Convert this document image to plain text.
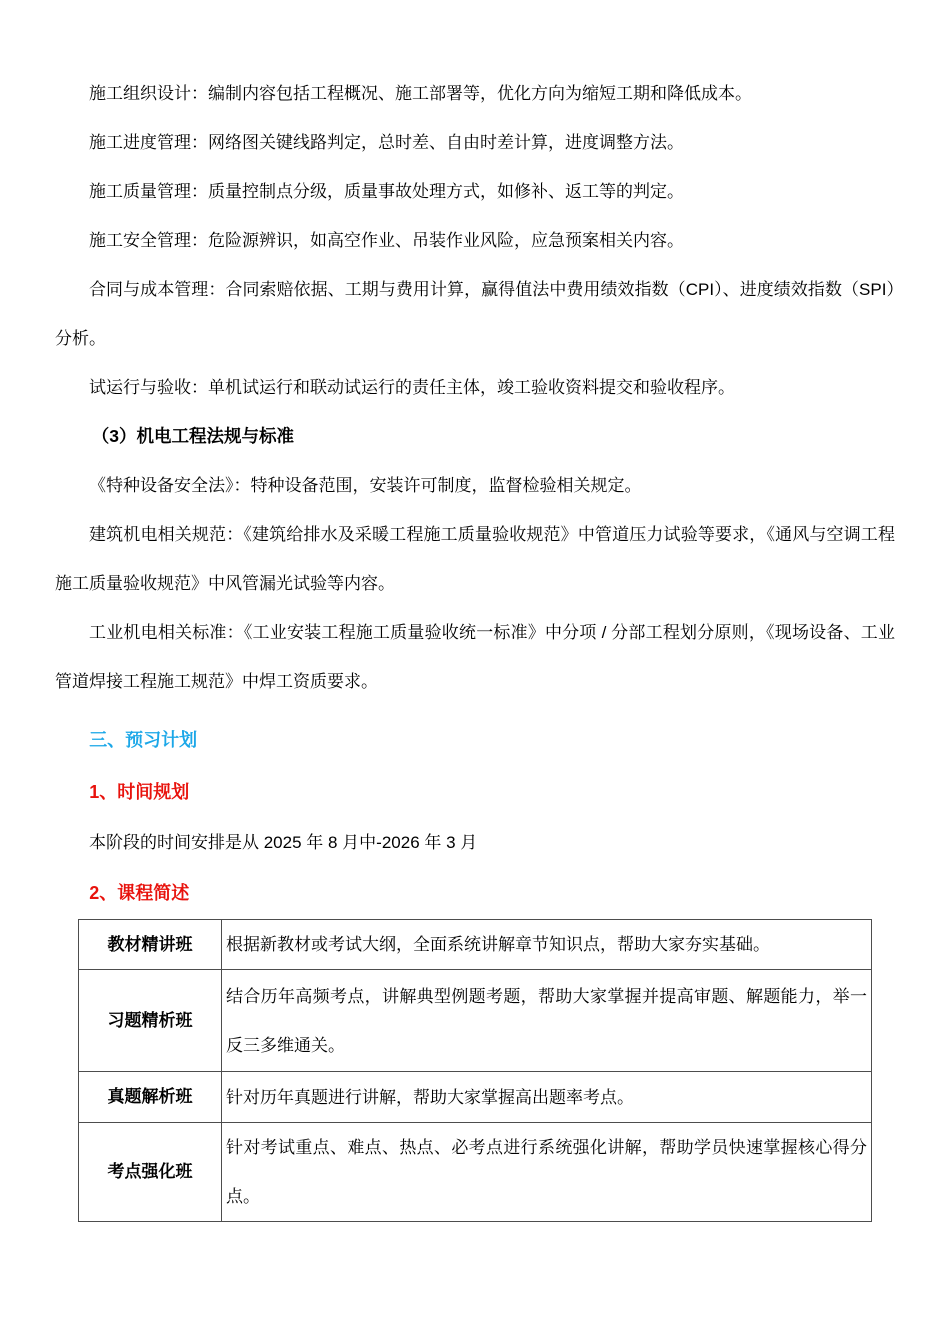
施工组织设计：编制内容包括工程概况、施工部署等，优化方向为缩短工期和降低成本。

施工进度管理：网络图关键线路判定，总时差、自由时差计算，进度调整方法。

施工质量管理：质量控制点分级，质量事故处理方式，如修补、返工等的判定。

施工安全管理：危险源辨识，如高空作业、吊装作业风险，应急预案相关内容。

合同与成本管理：合同索赔依据、工期与费用计算，赢得值法中费用绩效指数（CPI）、进度绩效指数（SPI）分析。

试运行与验收：单机试运行和联动试运行的责任主体，竣工验收资料提交和验收程序。

（3）机电工程法规与标准

《特种设备安全法》：特种设备范围，安装许可制度，监督检验相关规定。

建筑机电相关规范：《建筑给排水及采暖工程施工质量验收规范》中管道压力试验等要求，《通风与空调工程施工质量验收规范》中风管漏光试验等内容。

工业机电相关标准：《工业安装工程施工质量验收统一标准》中分项 / 分部工程划分原则，《现场设备、工业管道焊接工程施工规范》中焊工资质要求。

三、预习计划

1、时间规划

本阶段的时间安排是从 2025 年 8 月中-2026 年 3 月

2、课程简述

教材精讲班	根据新教材或考试大纲，全面系统讲解章节知识点，帮助大家夯实基础。
习题精析班	结合历年高频考点，讲解典型例题考题，帮助大家掌握并提高审题、解题能力，举一反三多维通关。
真题解析班	针对历年真题进行讲解，帮助大家掌握高出题率考点。
考点强化班	针对考试重点、难点、热点、必考点进行系统强化讲解，帮助学员快速掌握核心得分点。
